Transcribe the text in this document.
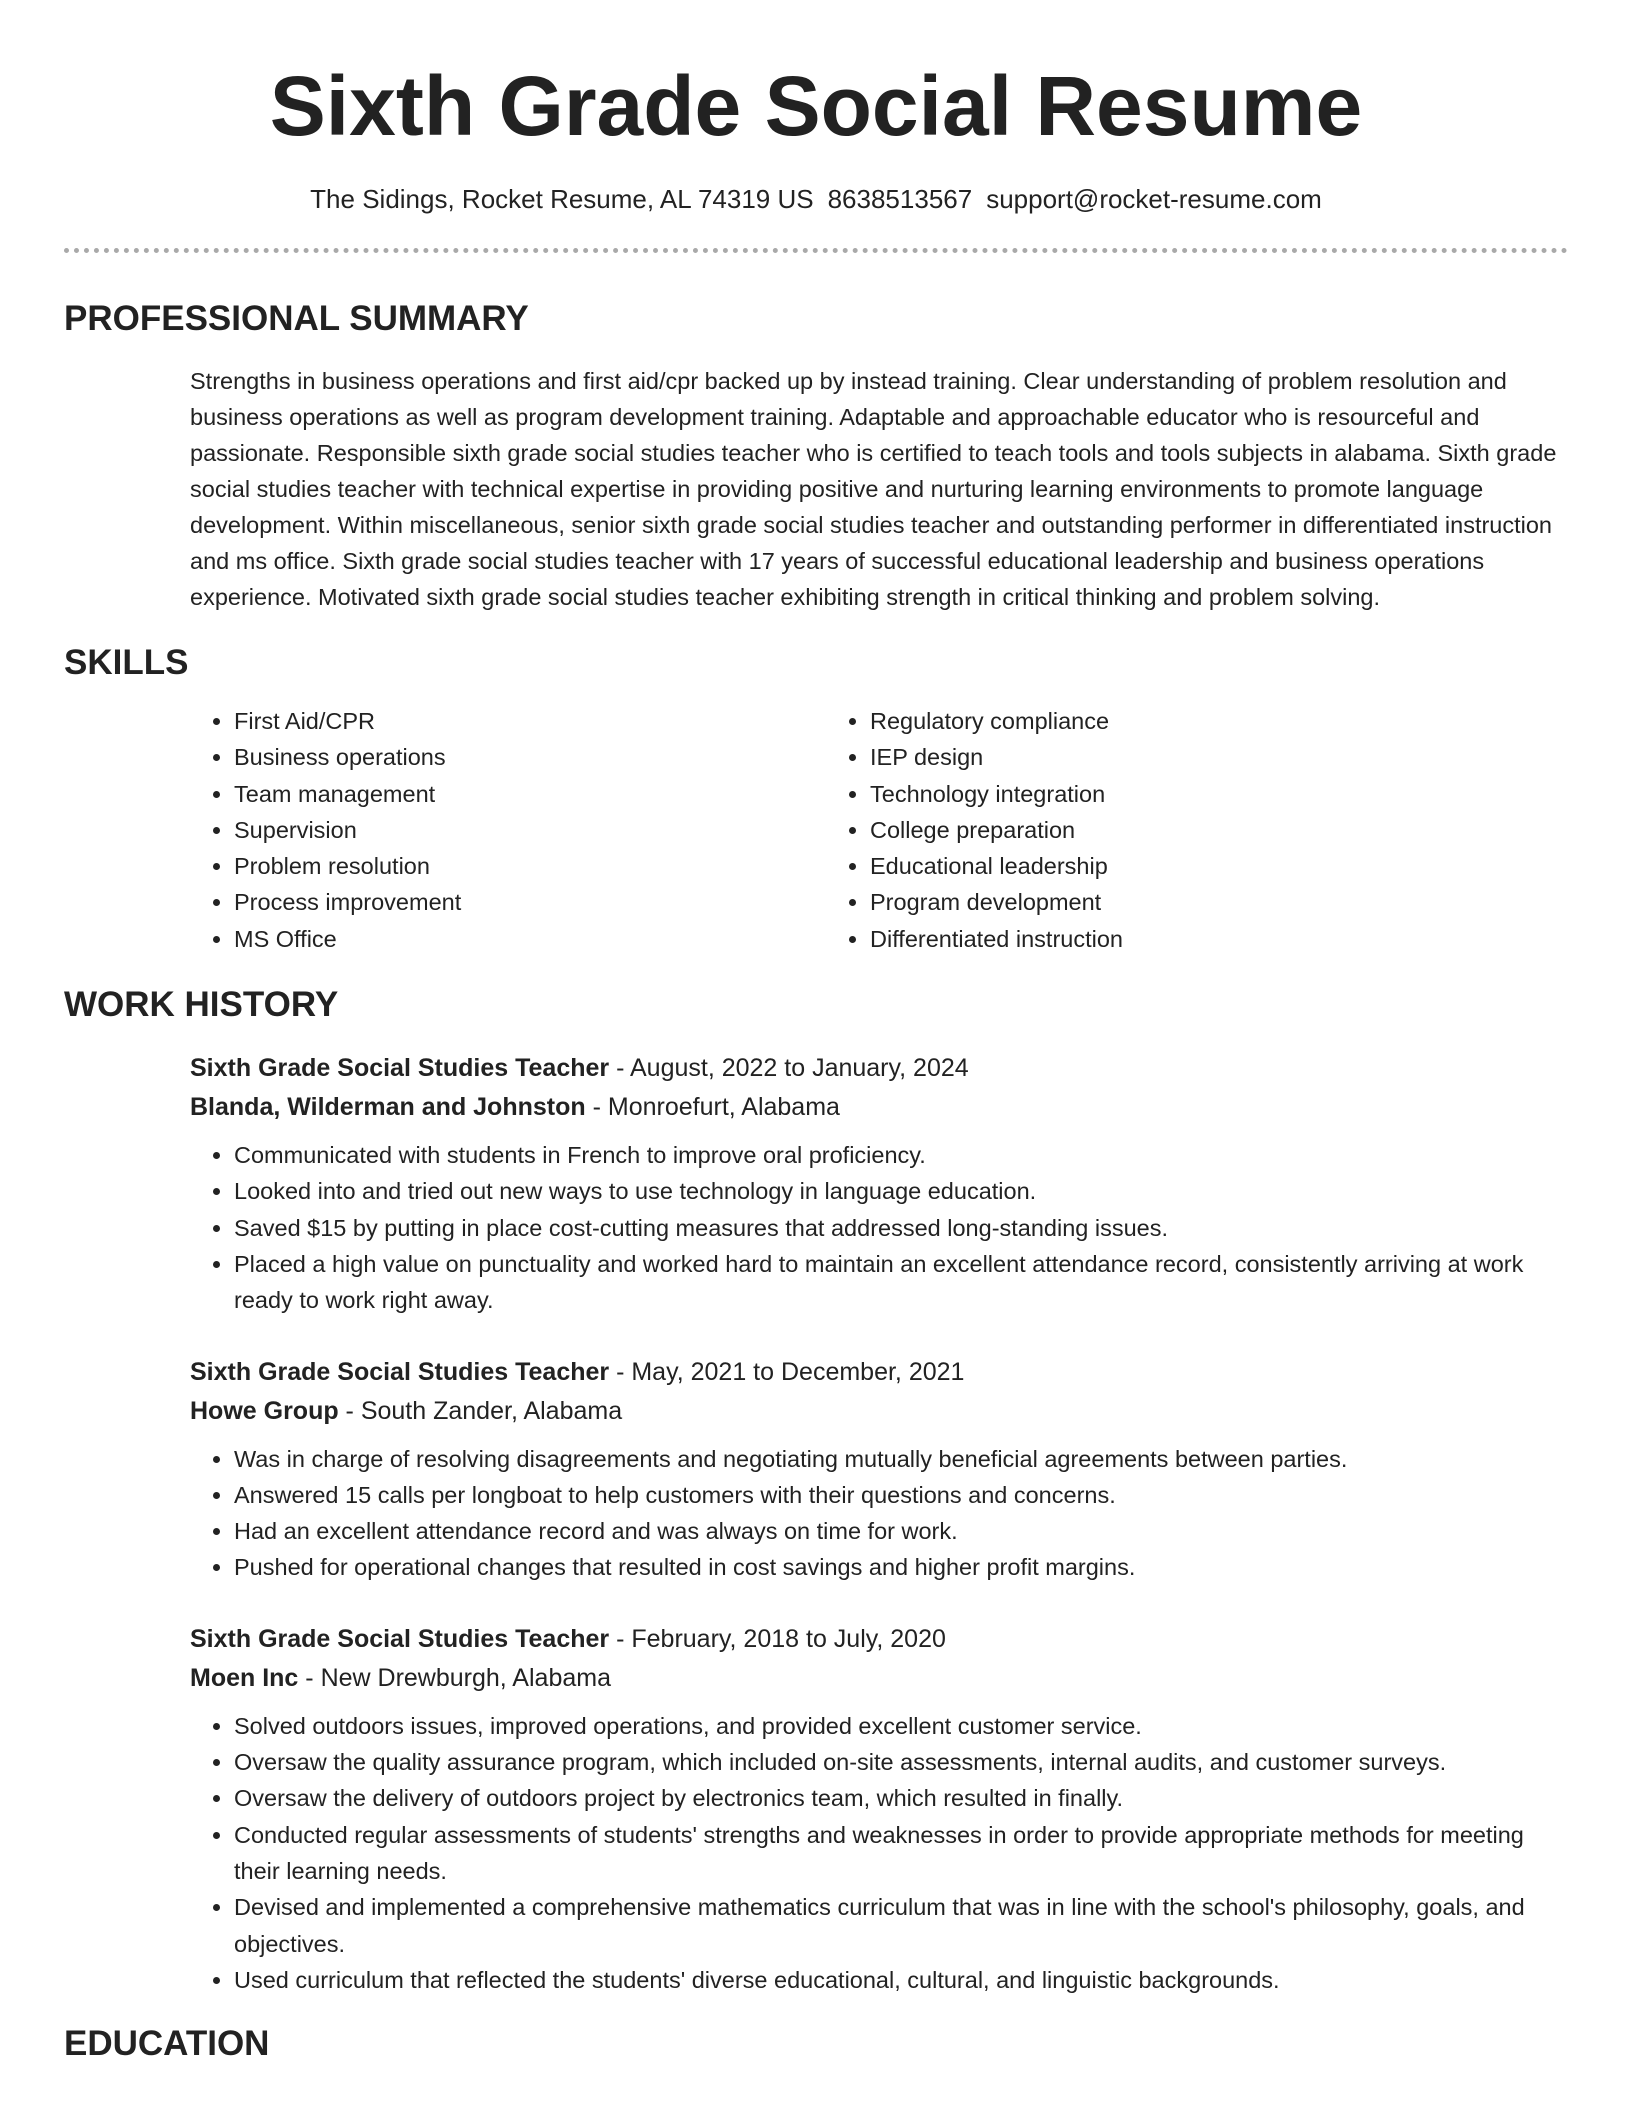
Sixth Grade Social Resume
The Sidings, Rocket Resume, AL 74319 US 8638513567 support@rocket-resume.com
PROFESSIONAL SUMMARY
Strengths in business operations and first aid/cpr backed up by instead training. Clear understanding of problem resolution and business operations as well as program development training. Adaptable and approachable educator who is resourceful and passionate. Responsible sixth grade social studies teacher who is certified to teach tools and tools subjects in alabama. Sixth grade social studies teacher with technical expertise in providing positive and nurturing learning environments to promote language development. Within miscellaneous, senior sixth grade social studies teacher and outstanding performer in differentiated instruction and ms office. Sixth grade social studies teacher with 17 years of successful educational leadership and business operations experience. Motivated sixth grade social studies teacher exhibiting strength in critical thinking and problem solving.
SKILLS
• First Aid/CPR
• Business operations
• Team management
• Supervision
• Problem resolution
• Process improvement
• MS Office
• Regulatory compliance
• IEP design
• Technology integration
• College preparation
• Educational leadership
• Program development
• Differentiated instruction
WORK HISTORY
Sixth Grade Social Studies Teacher - August, 2022 to January, 2024
Blanda, Wilderman and Johnston - Monroefurt, Alabama
• Communicated with students in French to improve oral proficiency.
• Looked into and tried out new ways to use technology in language education.
• Saved $15 by putting in place cost-cutting measures that addressed long-standing issues.
• Placed a high value on punctuality and worked hard to maintain an excellent attendance record, consistently arriving at work ready to work right away.
Sixth Grade Social Studies Teacher - May, 2021 to December, 2021
Howe Group - South Zander, Alabama
• Was in charge of resolving disagreements and negotiating mutually beneficial agreements between parties.
• Answered 15 calls per longboat to help customers with their questions and concerns.
• Had an excellent attendance record and was always on time for work.
• Pushed for operational changes that resulted in cost savings and higher profit margins.
Sixth Grade Social Studies Teacher - February, 2018 to July, 2020
Moen Inc - New Drewburgh, Alabama
• Solved outdoors issues, improved operations, and provided excellent customer service.
• Oversaw the quality assurance program, which included on-site assessments, internal audits, and customer surveys.
• Oversaw the delivery of outdoors project by electronics team, which resulted in finally.
• Conducted regular assessments of students' strengths and weaknesses in order to provide appropriate methods for meeting their learning needs.
• Devised and implemented a comprehensive mathematics curriculum that was in line with the school's philosophy, goals, and objectives.
• Used curriculum that reflected the students' diverse educational, cultural, and linguistic backgrounds.
EDUCATION
